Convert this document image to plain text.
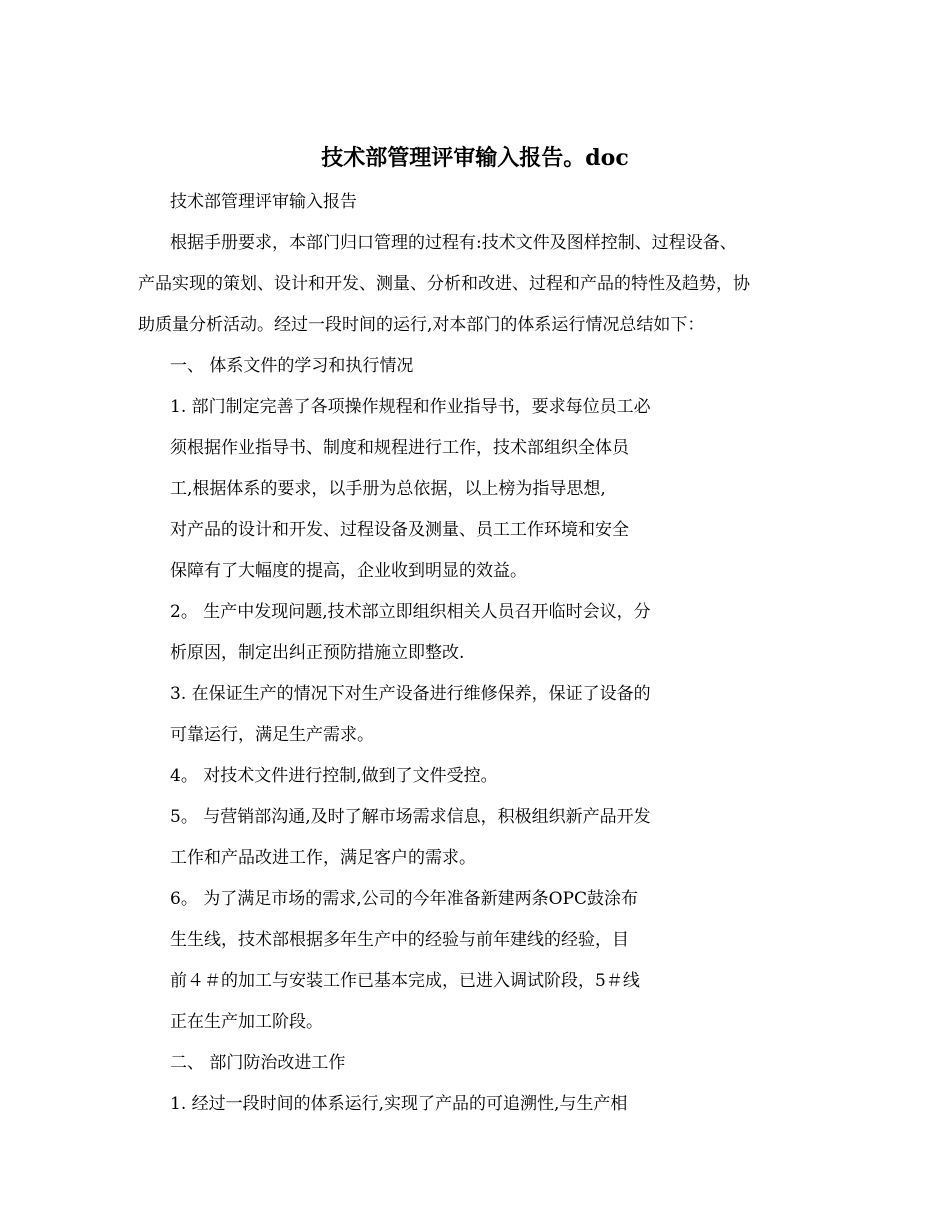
技术部管理评审输入报告。doc
技术部管理评审输入报告
根据手册要求，本部门归口管理的过程有:技术文件及图样控制、过程设备、
产品实现的策划、设计和开发、测量、分析和改进、过程和产品的特性及趋势，协
助质量分析活动。经过一段时间的运行,对本部门的体系运行情况总结如下：
一、 体系文件的学习和执行情况
1. 部门制定完善了各项操作规程和作业指导书，要求每位员工必
须根据作业指导书、制度和规程进行工作，技术部组织全体员
工,根据体系的要求，以手册为总依据，以上榜为指导思想,
对产品的设计和开发、过程设备及测量、员工工作环境和安全
保障有了大幅度的提高，企业收到明显的效益。
2。 生产中发现问题,技术部立即组织相关人员召开临时会议，分
析原因，制定出纠正预防措施立即整改.
3. 在保证生产的情况下对生产设备进行维修保养，保证了设备的
可靠运行，满足生产需求。
4。 对技术文件进行控制,做到了文件受控。
5。 与营销部沟通,及时了解市场需求信息，积极组织新产品开发
工作和产品改进工作，满足客户的需求。
6。 为了满足市场的需求,公司的今年准备新建两条OPC鼓涂布
生生线，技术部根据多年生产中的经验与前年建线的经验，目
前４＃的加工与安装工作已基本完成，已进入调试阶段，5＃线
正在生产加工阶段。
二、 部门防治改进工作
1. 经过一段时间的体系运行,实现了产品的可追溯性,与生产相
